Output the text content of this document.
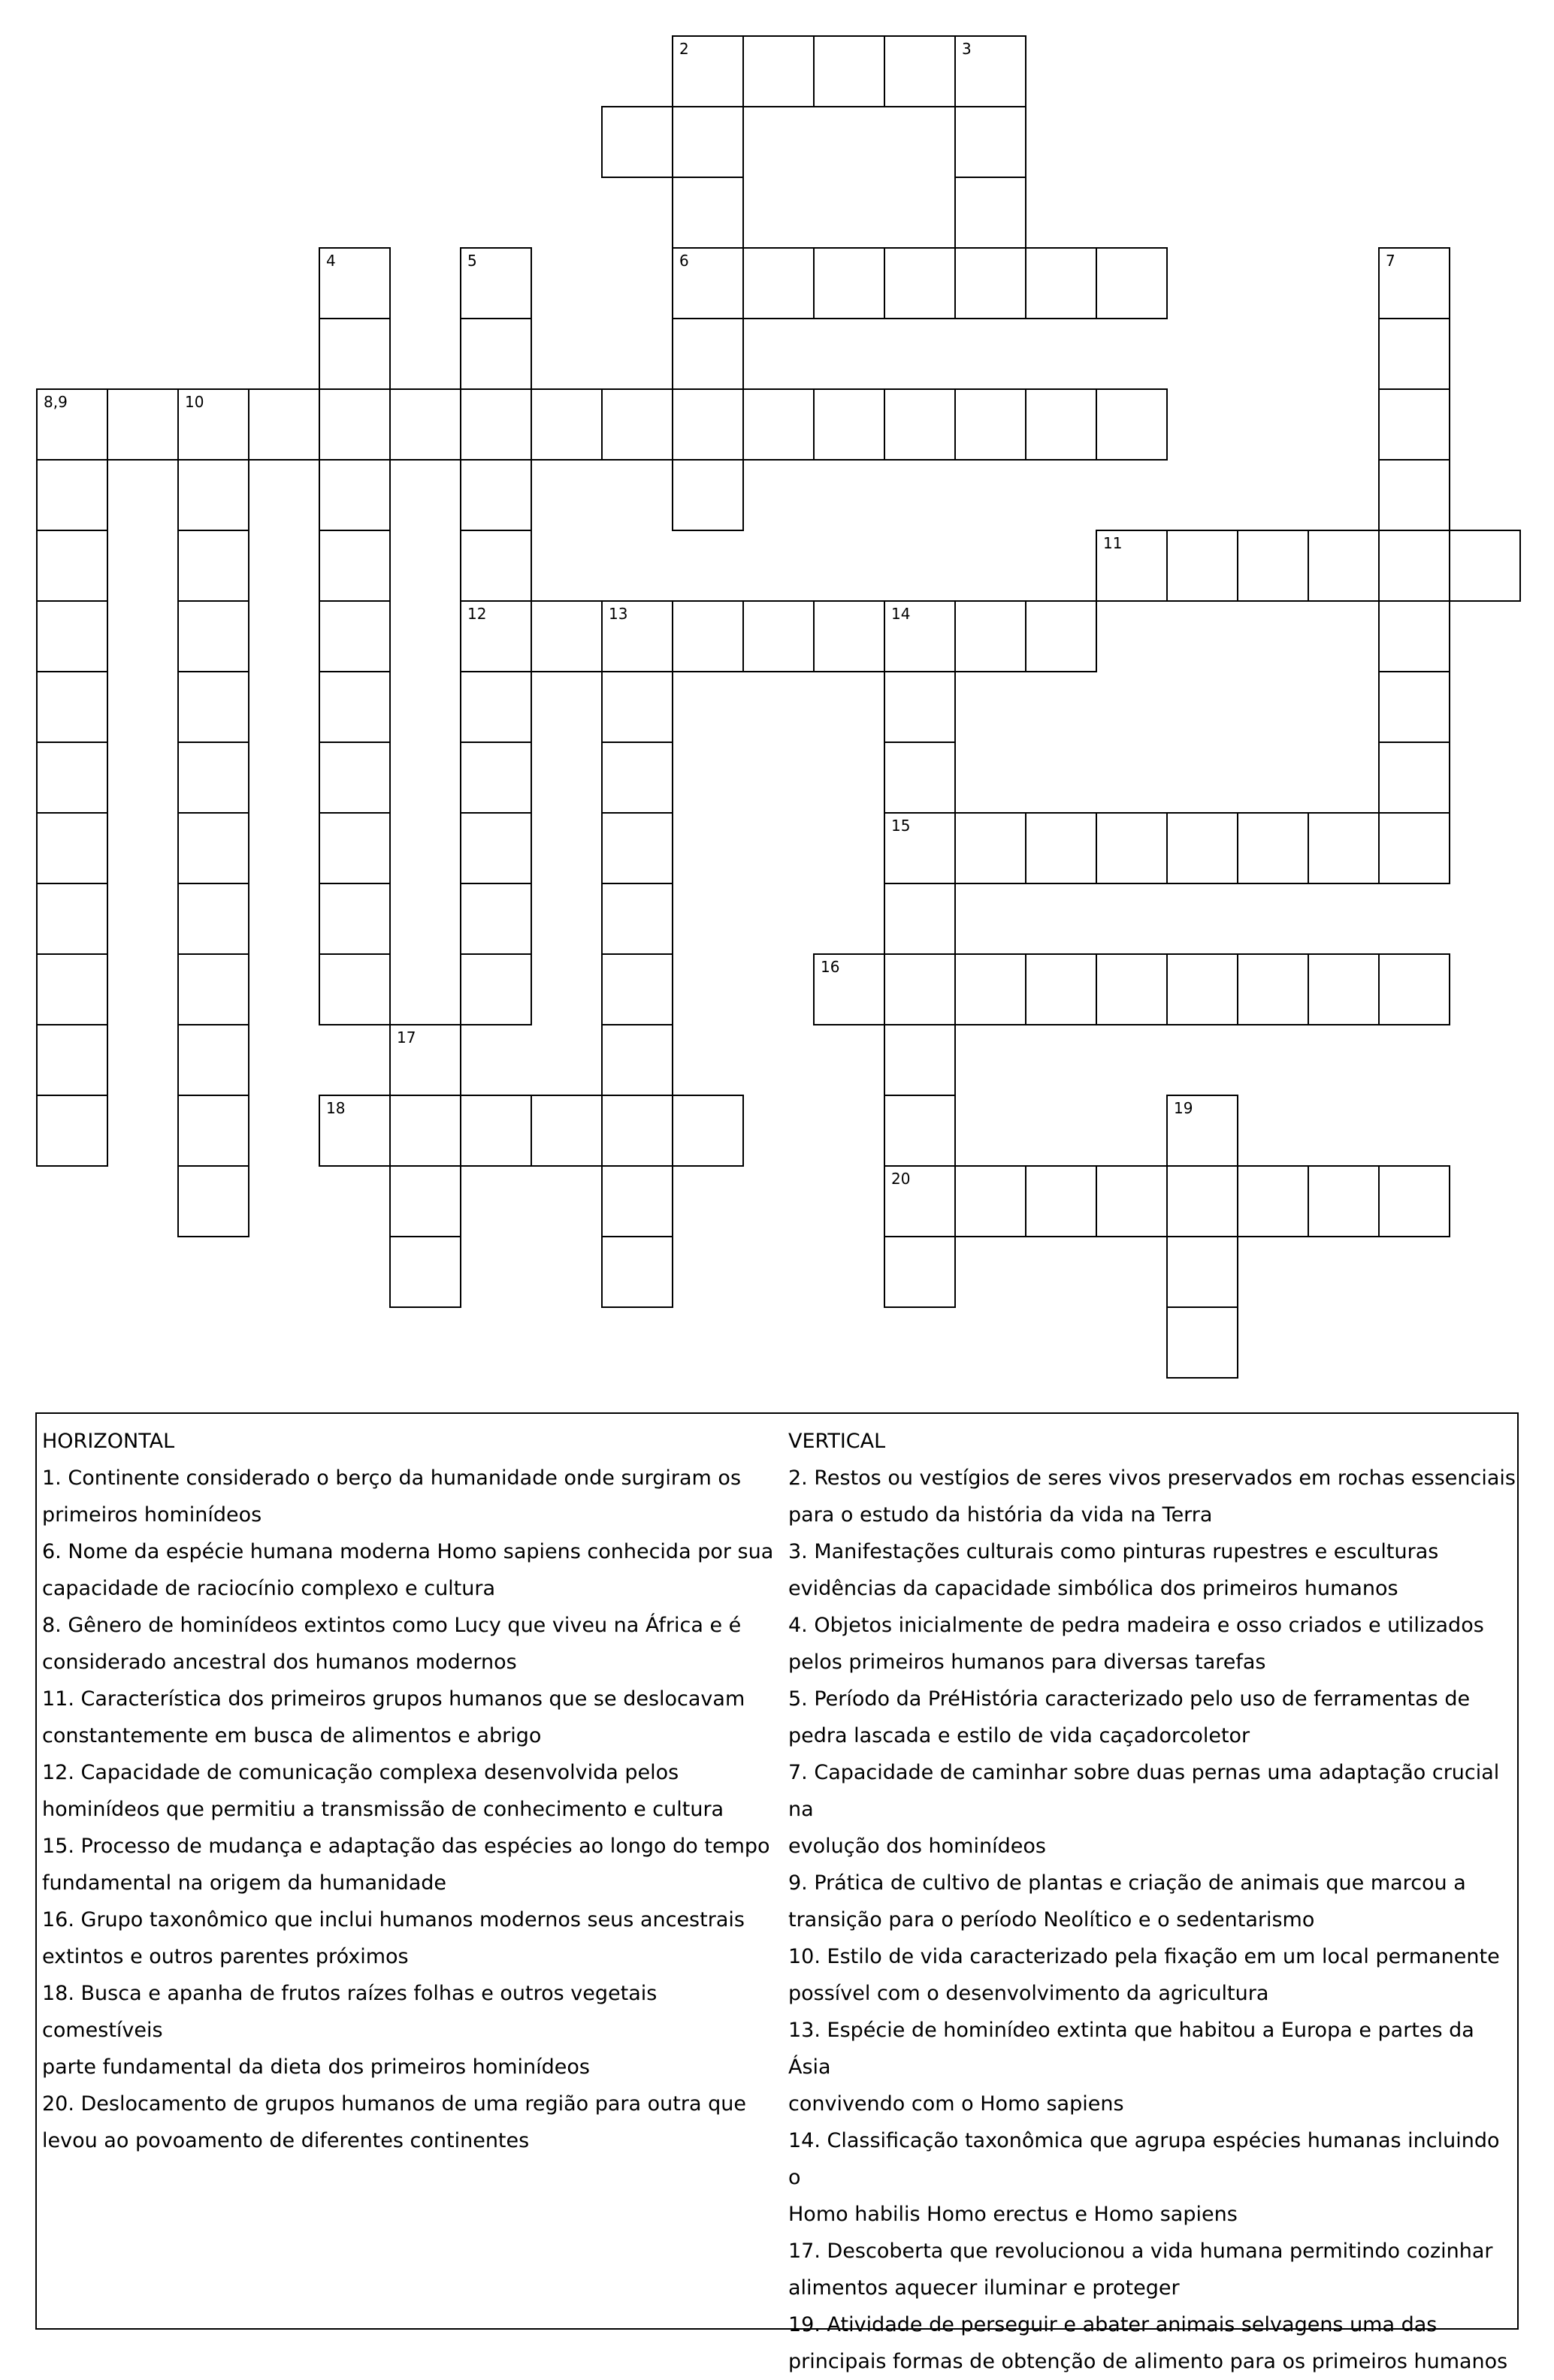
2	3
4	5	6	7
8,9	10
11
12	13	14
15
16
17
18	19
20
HORIZONTAL
1. Continente considerado o berço da humanidade onde surgiram os
primeiros hominídeos
6. Nome da espécie humana moderna Homo sapiens conhecida por sua
capacidade de raciocínio complexo e cultura
8. Gênero de hominídeos extintos como Lucy que viveu na África e é
considerado ancestral dos humanos modernos
11. Característica dos primeiros grupos humanos que se deslocavam
constantemente em busca de alimentos e abrigo
12. Capacidade de comunicação complexa desenvolvida pelos
hominídeos que permitiu a transmissão de conhecimento e cultura
15. Processo de mudança e adaptação das espécies ao longo do tempo
fundamental na origem da humanidade
16. Grupo taxonômico que inclui humanos modernos seus ancestrais
extintos e outros parentes próximos
18. Busca e apanha de frutos raízes folhas e outros vegetais comestíveis
parte fundamental da dieta dos primeiros hominídeos
20. Deslocamento de grupos humanos de uma região para outra que
levou ao povoamento de diferentes continentes
VERTICAL
2. Restos ou vestígios de seres vivos preservados em rochas essenciais
para o estudo da história da vida na Terra
3. Manifestações culturais como pinturas rupestres e esculturas
evidências da capacidade simbólica dos primeiros humanos
4. Objetos inicialmente de pedra madeira e osso criados e utilizados
pelos primeiros humanos para diversas tarefas
5. Período da PréHistória caracterizado pelo uso de ferramentas de
pedra lascada e estilo de vida caçadorcoletor
7. Capacidade de caminhar sobre duas pernas uma adaptação crucial na
evolução dos hominídeos
9. Prática de cultivo de plantas e criação de animais que marcou a
transição para o período Neolítico e o sedentarismo
10. Estilo de vida caracterizado pela fixação em um local permanente
possível com o desenvolvimento da agricultura
13. Espécie de hominídeo extinta que habitou a Europa e partes da Ásia
convivendo com o Homo sapiens
14. Classificação taxonômica que agrupa espécies humanas incluindo o
Homo habilis Homo erectus e Homo sapiens
17. Descoberta que revolucionou a vida humana permitindo cozinhar
alimentos aquecer iluminar e proteger
19. Atividade de perseguir e abater animais selvagens uma das
principais formas de obtenção de alimento para os primeiros humanos
